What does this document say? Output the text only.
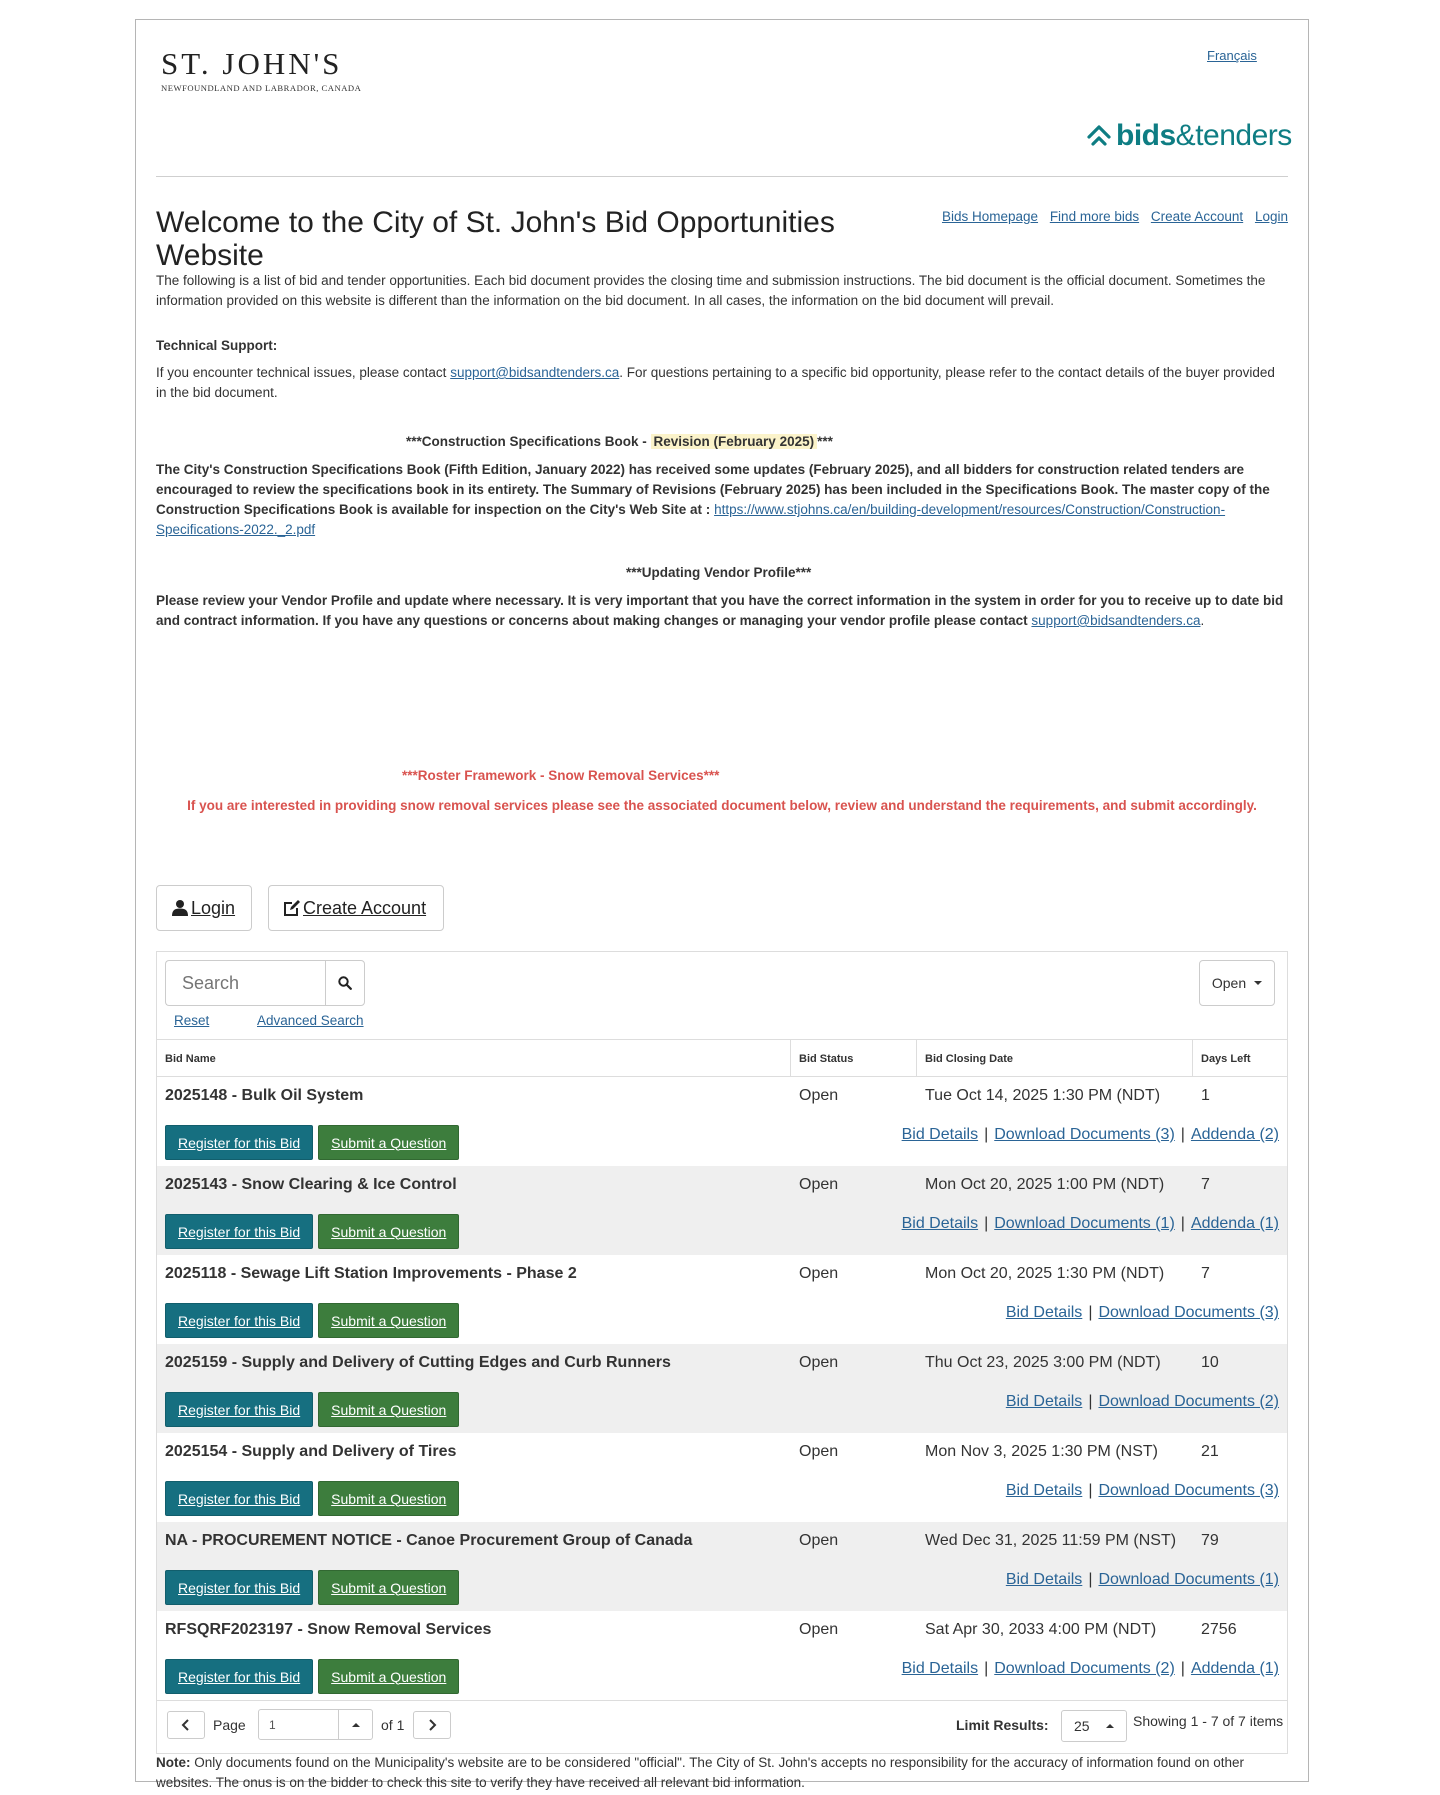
ST. JOHN'S
NEWFOUNDLAND AND LABRADOR, CANADA
Français
bids&tenders
Welcome to the City of St. John's Bid Opportunities Website
Bids Homepage Find more bids Create Account Login

The following is a list of bid and tender opportunities. Each bid document provides the closing time and submission instructions. The bid document is the official document. Sometimes the information provided on this website is different than the information on the bid document. In all cases, the information on the bid document will prevail.

Technical Support:

If you encounter technical issues, please contact support@bidsandtenders.ca. For questions pertaining to a specific bid opportunity, please refer to the contact details of the buyer provided in the bid document.

***Construction Specifications Book - Revision (February 2025) ***

The City's Construction Specifications Book (Fifth Edition, January 2022) has received some updates (February 2025), and all bidders for construction related tenders are encouraged to review the specifications book in its entirety. The Summary of Revisions (February 2025) has been included in the Specifications Book. The master copy of the Construction Specifications Book is available for inspection on the City's Web Site at : https://www.stjohns.ca/en/building-development/resources/Construction/Construction-Specifications-2022._2.pdf

***Updating Vendor Profile***

Please review your Vendor Profile and update where necessary. It is very important that you have the correct information in the system in order for you to receive up to date bid and contract information. If you have any questions or concerns about making changes or managing your vendor profile please contact support@bidsandtenders.ca.

***Roster Framework - Snow Removal Services***

If you are interested in providing snow removal services please see the associated document below, review and understand the requirements, and submit accordingly.

Login	Create Account
Search
Reset	Advanced Search
Open
Bid Name	Bid Status	Bid Closing Date	Days Left
2025148 - Bulk Oil System	Open	Tue Oct 14, 2025 1:30 PM (NDT)	1
Register for this Bid	Submit a Question	Bid Details | Download Documents (3) | Addenda (2)
2025143 - Snow Clearing & Ice Control	Open	Mon Oct 20, 2025 1:00 PM (NDT) 7
Register for this Bid	Submit a Question	Bid Details | Download Documents (1) | Addenda (1)
2025118 - Sewage Lift Station Improvements - Phase 2	Open	Mon Oct 20, 2025 1:30 PM (NDT) 7
Register for this Bid	Submit a Question	Bid Details | Download Documents (3)
2025159 - Supply and Delivery of Cutting Edges and Curb Runners	Open	Thu Oct 23, 2025 3:00 PM (NDT)	10
Register for this Bid	Submit a Question	Bid Details | Download Documents (2)
2025154 - Supply and Delivery of Tires	Open	Mon Nov 3, 2025 1:30 PM (NST)	21
Register for this Bid	Submit a Question	Bid Details | Download Documents (3)
NA - PROCUREMENT NOTICE - Canoe Procurement Group of Canada	Open	Wed Dec 31, 2025 11:59 PM (NST) 79
Register for this Bid	Submit a Question	Bid Details | Download Documents (1)
RFSQRF2023197 - Snow Removal Services	Open	Sat Apr 30, 2033 4:00 PM (NDT)	2756
Register for this Bid	Submit a Question	Bid Details | Download Documents (2) | Addenda (1)
Page	1	of 1	Limit Results: 25	Showing 1 - 7 of 7 items

Note: Only documents found on the Municipality's website are to be considered "official". The City of St. John's accepts no responsibility for the accuracy of information found on other websites. The onus is on the bidder to check this site to verify they have received all relevant bid information.
